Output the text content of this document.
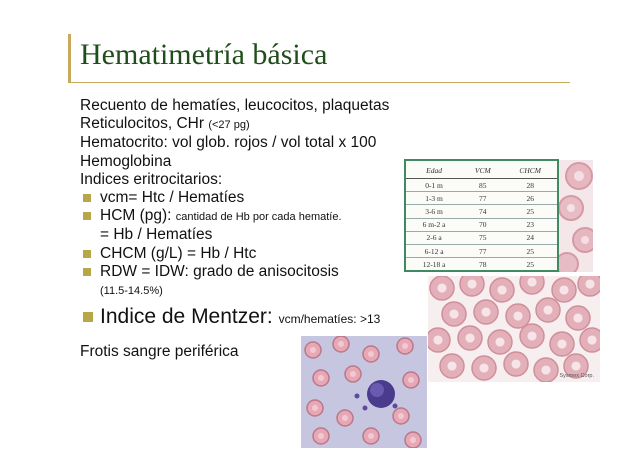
Hematimetría básica
Recuento de hematíes, leucocitos, plaquetas
Reticulocitos, CHr (<27 pg)
Hematocrito: vol glob. rojos / vol total x 100
Hemoglobina
Indices eritrocitarios:
vcm= Htc / Hematíes
HCM (pg): cantidad de Hb por cada hematíe.
= Hb / Hematíes
CHCM (g/L) = Hb / Htc
RDW = IDW: grado de anisocitosis
(11.5-14.5%)
Indice de Mentzer: vcm/hematíes: >13
Frotis sangre periférica
Edad	VCM	CHCM
0-1 m	85	28
1-3 m	77	26
3-6 m	74	25
6 m-2 a	70	23
2-6 a	75	24
6-12 a	77	25
12-18 a	78	25
Sysmex Corp.
